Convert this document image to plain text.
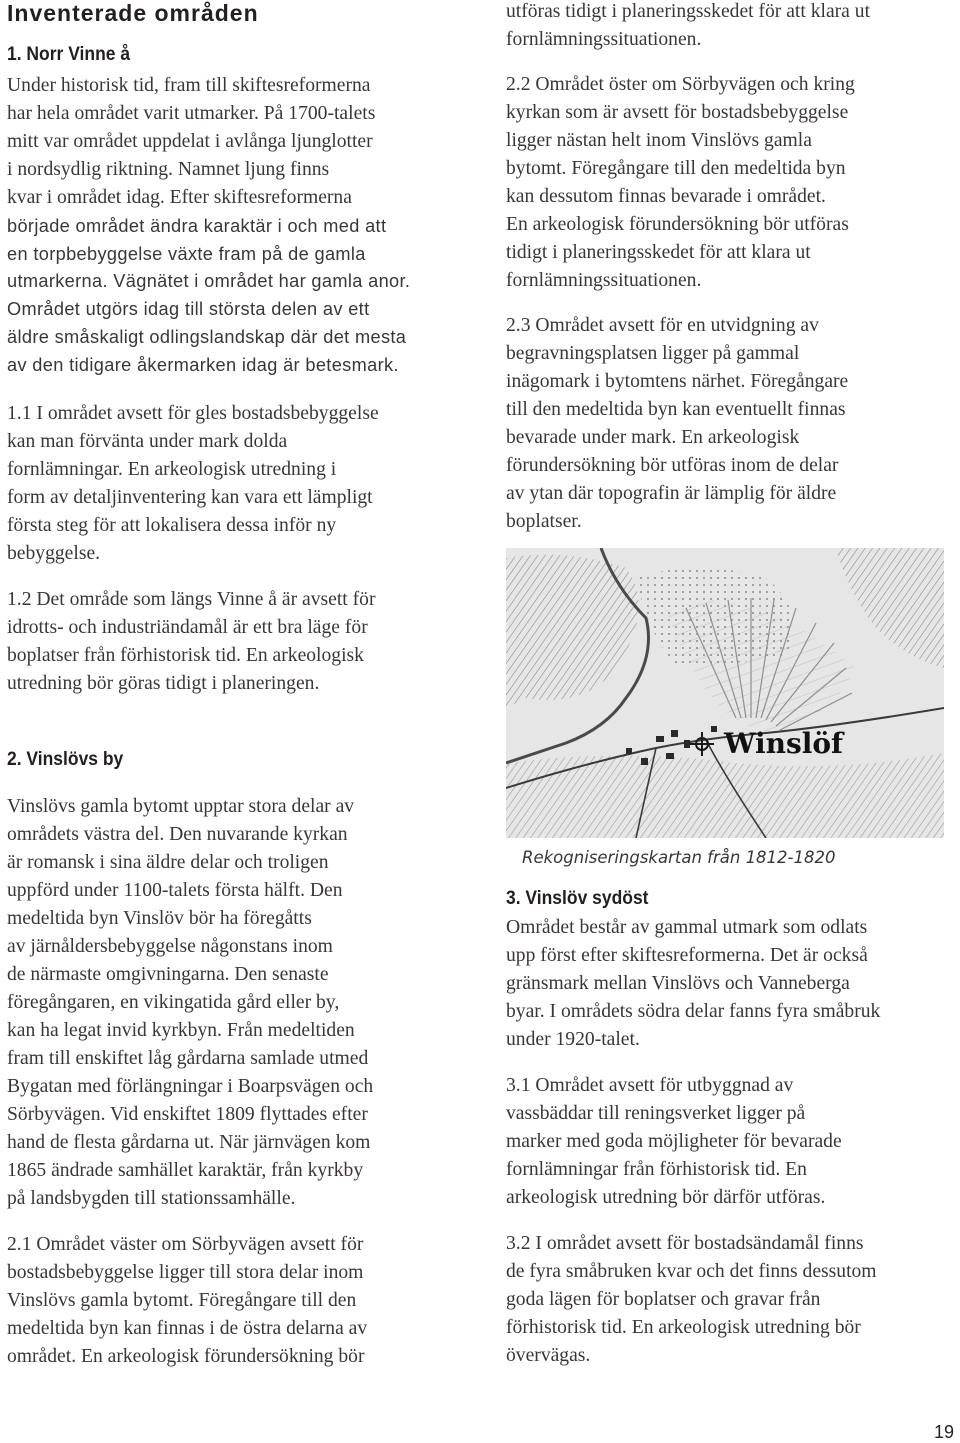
Inventerade områden
1. Norr Vinne å

Under historisk tid, fram till skiftesreformerna
har hela området varit utmarker. På 1700-talets
mitt var området uppdelat i avlånga ljunglotter
i nordsydlig riktning. Namnet ljung finns
kvar i området idag. Efter skiftesreformerna

började området ändra karaktär i och med att
en torpbebyggelse växte fram på de gamla
utmarkerna. Vägnätet i området har gamla anor.
Området utgörs idag till största delen av ett
äldre småskaligt odlingslandskap där det mesta
av den tidigare åkermarken idag är betesmark.

1.1 I området avsett för gles bostadsbebyggelse
kan man förvänta under mark dolda
fornlämningar. En arkeologisk utredning i
form av detaljinventering kan vara ett lämpligt
första steg för att lokalisera dessa inför ny
bebyggelse.

1.2 Det område som längs Vinne å är avsett för
idrotts- och industriändamål är ett bra läge för
boplatser från förhistorisk tid. En arkeologisk
utredning bör göras tidigt i planeringen.

2. Vinslövs by

Vinslövs gamla bytomt upptar stora delar av
områdets västra del. Den nuvarande kyrkan
är romansk i sina äldre delar och troligen
uppförd under 1100-talets första hälft. Den
medeltida byn Vinslöv bör ha föregåtts
av järnåldersbebyggelse någonstans inom
de närmaste omgivningarna. Den senaste
föregångaren, en vikingatida gård eller by,
kan ha legat invid kyrkbyn. Från medeltiden
fram till enskiftet låg gårdarna samlade utmed
Bygatan med förlängningar i Boarpsvägen och
Sörbyvägen. Vid enskiftet 1809 flyttades efter
hand de flesta gårdarna ut. När järnvägen kom
1865 ändrade samhället karaktär, från kyrkby
på landsbygden till stationssamhälle.

2.1 Området väster om Sörbyvägen avsett för
bostadsbebyggelse ligger till stora delar inom
Vinslövs gamla bytomt. Föregångare till den
medeltida byn kan finnas i de östra delarna av
området. En arkeologisk förundersökning bör

utföras tidigt i planeringsskedet för att klara ut
fornlämningssituationen.

2.2 Området öster om Sörbyvägen och kring
kyrkan som är avsett för bostadsbebyggelse
ligger nästan helt inom Vinslövs gamla
bytomt. Föregångare till den medeltida byn
kan dessutom finnas bevarade i området.
En arkeologisk förundersökning bör utföras
tidigt i planeringsskedet för att klara ut
fornlämningssituationen.

2.3 Området avsett för en utvidgning av
begravningsplatsen ligger på gammal
inägomark i bytomtens närhet. Föregångare
till den medeltida byn kan eventuellt finnas
bevarade under mark. En arkeologisk
förundersökning bör utföras inom de delar
av ytan där topografin är lämplig för äldre
boplatser.

3. Vinslöv sydöst

Området består av gammal utmark som odlats
upp först efter skiftesreformerna. Det är också
gränsmark mellan Vinslövs och Vanneberga
byar. I områdets södra delar fanns fyra småbruk
under 1920-talet.

3.1 Området avsett för utbyggnad av
vassbäddar till reningsverket ligger på
marker med goda möjligheter för bevarade
fornlämningar från förhistorisk tid. En
arkeologisk utredning bör därför utföras.

3.2 I området avsett för bostadsändamål finns
de fyra småbruken kvar och det finns dessutom
goda lägen för boplatser och gravar från
förhistorisk tid. En arkeologisk utredning bör
övervägas.

Winslöf

Rekogniseringskartan från 1812-1820

19
